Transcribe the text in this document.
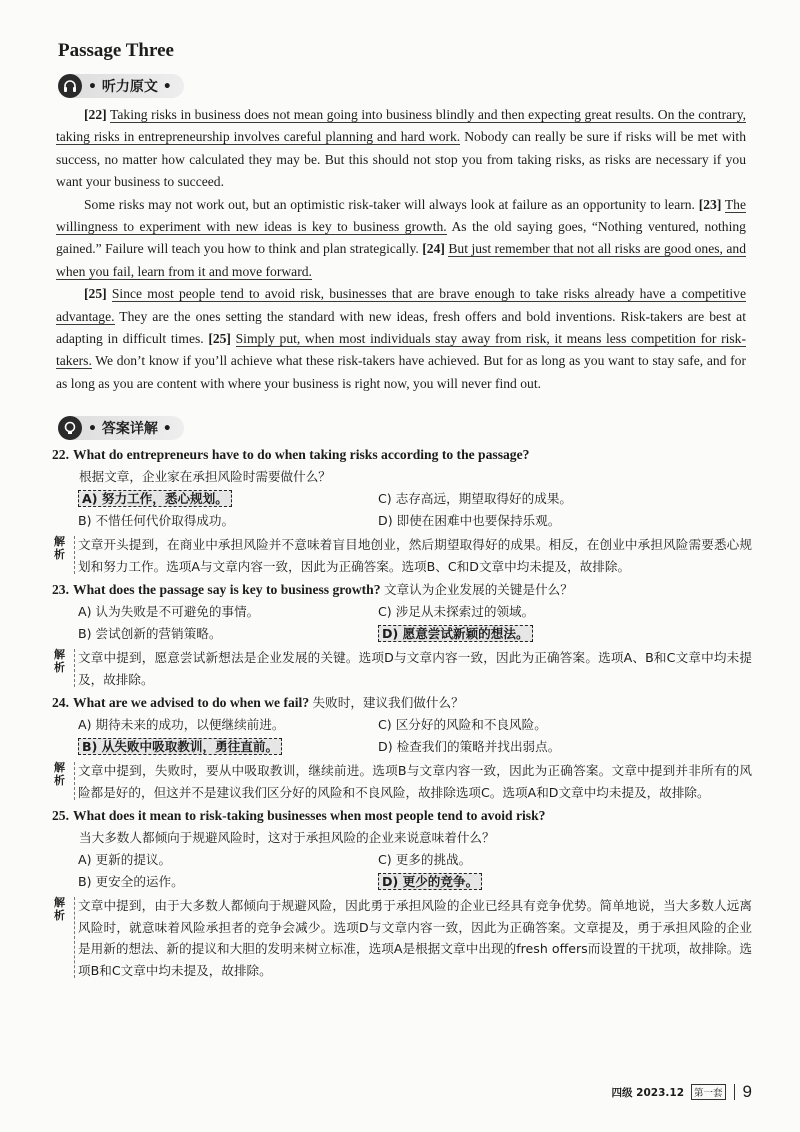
Passage Three
• 听力原文 •

[22] Taking risks in business does not mean going into business blindly and then expecting great results. On the contrary, taking risks in entrepreneurship involves careful planning and hard work. Nobody can really be sure if risks will be met with success, no matter how calculated they may be. But this should not stop you from taking risks, as risks are necessary if you want your business to succeed.

Some risks may not work out, but an optimistic risk-taker will always look at failure as an opportunity to learn. [23] The willingness to experiment with new ideas is key to business growth. As the old saying goes, “Nothing ventured, nothing gained.” Failure will teach you how to think and plan strategically. [24] But just remember that not all risks are good ones, and when you fail, learn from it and move forward.

[25] Since most people tend to avoid risk, businesses that are brave enough to take risks already have a competitive advantage. They are the ones setting the standard with new ideas, fresh offers and bold inventions. Risk-takers are best at adapting in difficult times. [25] Simply put, when most individuals stay away from risk, it means less competition for risk-takers. We don’t know if you’ll achieve what these risk-takers have achieved. But for as long as you want to stay safe, and for as long as you are content with where your business is right now, you will never find out.

• 答案详解 •
22. What do entrepreneurs have to do when taking risks according to the passage?
根据文章，企业家在承担风险时需要做什么？
A) 努力工作，悉心规划。	C) 志存高远，期望取得好的成果。
B) 不惜任何代价取得成功。	D) 即使在困难中也要保持乐观。
解析
文章开头提到，在商业中承担风险并不意味着盲目地创业，然后期望取得好的成果。相反，在创业中承担风险需要悉心规划和努力工作。选项A与文章内容一致，因此为正确答案。选项B、C和D文章中均未提及，故排除。
23. What does the passage say is key to business growth? 文章认为企业发展的关键是什么？
A) 认为失败是不可避免的事情。	C) 涉足从未探索过的领域。
B) 尝试创新的营销策略。	D) 愿意尝试新颖的想法。
解析
文章中提到，愿意尝试新想法是企业发展的关键。选项D与文章内容一致，因此为正确答案。选项A、B和C文章中均未提及，故排除。
24. What are we advised to do when we fail? 失败时，建议我们做什么？
A) 期待未来的成功，以便继续前进。	C) 区分好的风险和不良风险。
B) 从失败中吸取教训，勇往直前。	D) 检查我们的策略并找出弱点。
解析
文章中提到，失败时，要从中吸取教训，继续前进。选项B与文章内容一致，因此为正确答案。文章中提到并非所有的风险都是好的，但这并不是建议我们区分好的风险和不良风险，故排除选项C。选项A和D文章中均未提及，故排除。
25. What does it mean to risk-taking businesses when most people tend to avoid risk?
当大多数人都倾向于规避风险时，这对于承担风险的企业来说意味着什么？
A) 更新的提议。	C) 更多的挑战。
B) 更安全的运作。	D) 更少的竞争。
解析
文章中提到，由于大多数人都倾向于规避风险，因此勇于承担风险的企业已经具有竞争优势。简单地说，当大多数人远离风险时，就意味着风险承担者的竞争会减少。选项D与文章内容一致，因此为正确答案。文章提及，勇于承担风险的企业是用新的想法、新的提议和大胆的发明来树立标准，选项A是根据文章中出现的fresh offers而设置的干扰项，故排除。选项B和C文章中均未提及，故排除。
四级 2023.12	第一套 9
